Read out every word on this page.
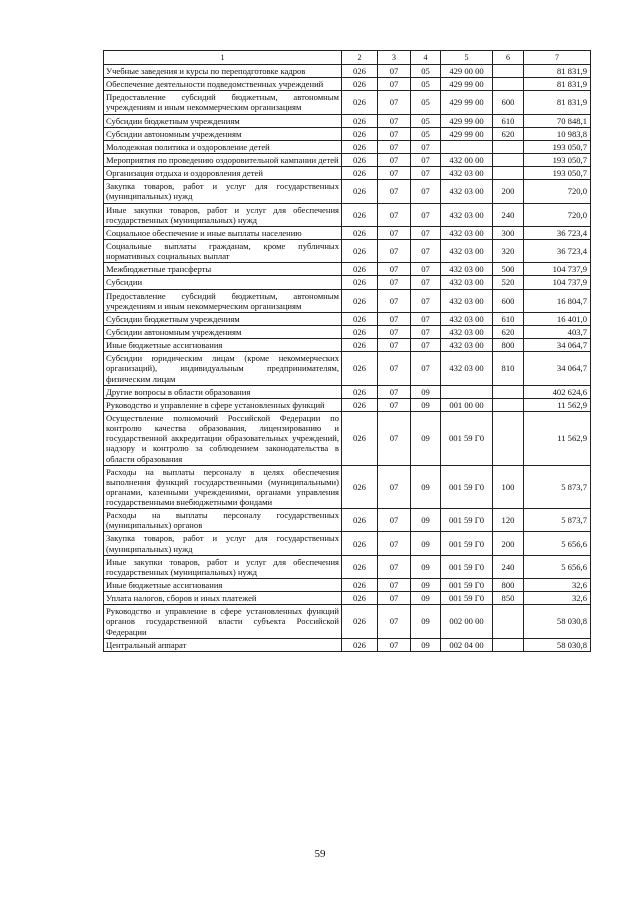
1	2	3	4	5	6	7
Учебные заведения и курсы по переподготовке кадров	026	07	05	429 00 00		81 831,9
Обеспечение деятельности подведомственных учреждений	026	07	05	429 99 00		81 831,9
Предоставление субсидий бюджетным, автономным учреждениям и иным некоммерческим организациям	026	07	05	429 99 00	600	81 831,9
Субсидии бюджетным учреждениям	026	07	05	429 99 00	610	70 848,1
Субсидии автономным учреждениям	026	07	05	429 99 00	620	10 983,8
Молодежная политика и оздоровление детей	026	07	07			193 050,7
Мероприятия по проведению оздоровительной кампании детей	026	07	07	432 00 00		193 050,7
Организация отдыха и оздоровления детей	026	07	07	432 03 00		193 050,7
Закупка товаров, работ и услуг для государственных (муниципальных) нужд	026	07	07	432 03 00	200	720,0
Иные закупки товаров, работ и услуг для обеспечения государственных (муниципальных) нужд	026	07	07	432 03 00	240	720,0
Социальное обеспечение и иные выплаты населению	026	07	07	432 03 00	300	36 723,4
Социальные выплаты гражданам, кроме публичных нормативных социальных выплат	026	07	07	432 03 00	320	36 723,4
Межбюджетные трансферты	026	07	07	432 03 00	500	104 737,9
Субсидии	026	07	07	432 03 00	520	104 737,9
Предоставление субсидий бюджетным, автономным учреждениям и иным некоммерческим организациям	026	07	07	432 03 00	600	16 804,7
Субсидии бюджетным учреждениям	026	07	07	432 03 00	610	16 401,0
Субсидии автономным учреждениям	026	07	07	432 03 00	620	403,7
Иные бюджетные ассигнования	026	07	07	432 03 00	800	34 064,7
Субсидии юридическим лицам (кроме некоммерческих организаций), индивидуальным предпринимателям, физическим лицам	026	07	07	432 03 00	810	34 064,7
Другие вопросы в области образования	026	07	09			402 624,6
Руководство и управление в сфере установленных функций	026	07	09	001 00 00		11 562,9
Осуществление полномочий Российской Федерации по контролю качества образования, лицензированию и государственной аккредитации образовательных учреждений, надзору и контролю за соблюдением законодательства в области образования	026	07	09	001 59 Г0		11 562,9
Расходы на выплаты персоналу в целях обеспечения выполнения функций государственными (муниципальными) органами, казенными учреждениями, органами управления государственными внебюджетными фондами	026	07	09	001 59 Г0	100	5 873,7
Расходы на выплаты персоналу государственных (муниципальных) органов	026	07	09	001 59 Г0	120	5 873,7
Закупка товаров, работ и услуг для государственных (муниципальных) нужд	026	07	09	001 59 Г0	200	5 656,6
Иные закупки товаров, работ и услуг для обеспечения государственных (муниципальных) нужд	026	07	09	001 59 Г0	240	5 656,6
Иные бюджетные ассигнования	026	07	09	001 59 Г0	800	32,6
Уплата налогов, сборов и иных платежей	026	07	09	001 59 Г0	850	32,6
Руководство и управление в сфере установленных функций органов государственной власти субъекта Российской Федерации	026	07	09	002 00 00		58 030,8
Центральный аппарат	026	07	09	002 04 00		58 030,8
59
